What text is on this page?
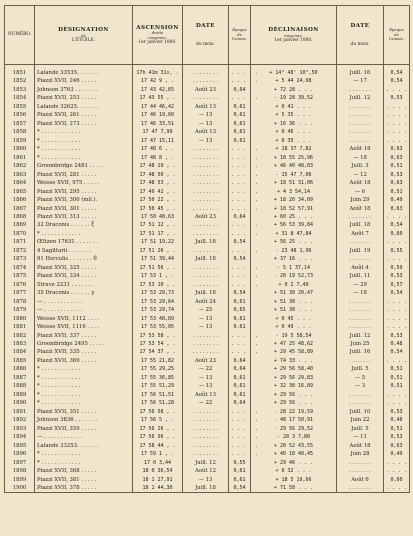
NUMÉRO.	DÉSIGNATION
de
L'ÉTOILE.	ASCENSION
droite
moyenne.
1er janvier 1800.	DATE
du mois.	Époque
de
l'année.	DÉCLINAISON
moyenne.
1er janvier 1800.	DATE
du mois.	Époque
de
l'année.

1851	Lalande 33535. . . . . . .	17h 41m 31s, .	. . . . . . . .	. . . . .	+ 14° 48' 10",50	Juill. 16	0,54
1852	Piazzi XVII, 246 . . . . .	17 42 9 , .	. . . . . . . .	. . . . .	+ 5 44 24,98	— 17	0,54
1853	Johnson 3763 . . . . . . .	17 43 42,65	Août 23	0,64	+ 72 28 . . .	. . . . . . .	. . . .
1854	Piazzi XVII, 253 . . . . .	17 43 55 , .	. . . . . . . .	. . . . .	- 19 28 39,52	Juill. 12	0,53
1855	Lalande 32625. . . . . . .	17 44 46,42	Août 13	0,61	+ 0 41 . . .	. . . . . . .	. . . .
1856	Piazzi XVII, 261 . . . . .	17 46 19,60	— 13	0,61	+ 5 35 . . .	. . . . . . .	. . . .
1857	Piazzi XVII, 273 . . . . .	17 46 33,51	— 13	0,61	+ 16 36 . . .	. . . . . . .	. . . .
1858	* . . . . . . . . . . . .	17 47 7,99	Août 13	0,61	+ 0 46 . . .	. . . . . . .	. . . .
1859	* . . . . . . . . . . . .	17 47 15,11	— 13	0,61	+ 0 35 . . .	. . . . . . .	. . . .
1860	* . . . . . . . . . . . .	17 48 6 , .	. . . . . . . .	. . . . .	+ 18 37 7,82	Août 18	0,63
1861	* . . . . . . . . . . . .	17 48 8 , .	. . . . . . . .	. . . . .	+ 18 55 25,96	— 18	0,63
1862	Groombridge 2481 . . . . .	17 48 19 , .	. . . . . . . .	. . . . .	+ 46 40 48,03	Juill. 3	0,51
1863	Piazzi XVII, 281 . . . . .	17 48 50 , .	. . . . . . . .	. . . . .	- 15 47 7,06	— 12	0,53
1864	Weisse XVII, 975 . . . . .	17 48 53 , .	. . . . . . . .	. . . . .	+ 18 51 31,06	Août 18	0,63
1865	Piazzi XVII, 295 . . . . .	17 49 42 , .	. . . . . . . .	. . . . .	+ 4 3 54,14	— 6	0,51
1866	Piazzi XVII, 300 (mil.).	17 50 22 , .	. . . . . . . .	. . . . .	+ 18 20 34,09	Juin 29	0,49
1867	Piazzi XVII, 301 . . . . .	17 50 45 , .	. . . . . . . .	. . . . .	+ 18 52 57,91	Août 18	0,63
1868	Piazzi XVII, 313 . . . . .	17 50 48,63	Août 23	0,64	+ 60 25 . . .	. . . . . . .	. . . .
1869	32 Draconis . . . . . . ξ	17 51 12 , .	. . . . . . . .	. . . . .	+ 56 53 39,84	Juill. 18	0,54
1870	* . . . . . . . . . . . .	17 51 17 , .	. . . . . . . .	. . . . .	+ 31 8 47,84	Août 7	0,60
1871	Œltzen 17631 . . . . . . .	17 51 19,22	Juill. 18	0,54	+ 56 25 . . .	. . . . . . .	. . . .
1872	4 Sagittarii . . . . . . .	17 51 26 , .	. . . . . . . .	. . . . .	- 23 48 1,96	Juill. 19	0,55
1873	91 Herculis . . . . . . . θ	17 51 39,44	Juill. 18	0,54	+ 37 16 . . .	. . . . . . .	. . . .
1874	Piazzi XVII, 325 . . . . .	17 51 56 , .	. . . . . . . .	. . . . .	- 5 1 37,14	Août 4	0,59
1875	Piazzi XVII, 334 . . . . .	17 53 1 , .	. . . . . . . .	. . . . .	- 20 19 52,73	Juill. 11	0,53
1876	Struve 2231 . . . . . . .	17 53 10 , .	. . . . . . . .	. . . . .	+ 0 2 7,49	— 29	0,57
1877	35 Draconis . . . . . . γ	17 53 29,73	Juill. 18	0,54	+ 51 30 20,47	— 18	0,54
1878	— . . . . . . . . . . . .	17 53 29,64	Août 24	0,61	+ 51 30 . . .	. . . . . . .	. . . .
1879	— . . . . . . . . . . . .	17 53 29,74	— 25	0,65	+ 51 30 . . .	. . . . . . .	. . . .
1880	Weisse XVII, 1112 . . . .	17 53 48,89	— 13	0,61	+ 0 45 . . .	. . . . . . .	. . . .
1881	Weisse XVII, 1116 . . . .	17 53 55,05	— 13	0,61	+ 0 49 . . .	. . . . . . .	. . . .
1882	Piazzi XVII, 337 . . . . .	17 53 58 , .	. . . . . . . .	. . . . .	- 19 5 58,54	Juill. 12	0,53
1883	Groombridge 2495 . . . . .	17 53 54 , .	. . . . . . . .	. . . . .	+ 47 25 48,62	Juin 25	0,48
1884	Piazzi XVII, 335 . . . . .	17 54 37 , .	. . . . . . . .	. . . . .	+ 29 45 58,89	Juill. 16	0,54
1885	Piazzi XVII, 369 . . . . .	17 55 21,82	Août 23	0,64	+ 74 33 . . .	. . . . . . .	. . . .
1886	* . . . . . . . . . . . .	17 55 29,25	— 22	0,64	+ 29 56 58,40	Juill. 5	0,51
1887	* . . . . . . . . . . . .	17 55 36,85	— 13	0,61	+ 29 56 29,83	— 5	0,51
1888	* . . . . . . . . . . . .	17 55 51,29	— 13	0,61	+ 32 38 16,89	— 3	0,51
1889	* . . . . . . . . . . . .	17 56 51,51	Août 13	0,61	+ 29 56 . . .	. . . . . . .	. . . .
1890	* . . . . . . . . . . . .	17 56 51,28	— 22	0,64	+ 29 56 . . .	. . . . . . .	. . . .
1891	Piazzi XVII, 351 . . . . .	17 56 58 , .	. . . . . . . .	. . . . .	- 28 22 19,59	Juill. 10	0,53
1892	Johnson 3836 . . . . . . .	17 56 5 , .	. . . . . . . .	. . . . .	- 48 17 50,91	Juin 22	0,48
1893	Piazzi XVII, 359 . . . . .	17 56 26 , .	. . . . . . . .	. . . . .	- 29 56 29,52	Juill. 5	0,51
1894	— . . . . . . . . . . . .	17 56 56 , .	. . . . . . . .	. . . . .	- 28 3 7,80	— 11	0,53
1895	Lalande 33253. . . . . . .	17 58 44 , .	. . . . . . . .	. . . . .	+ 20 52 43,55	Août 18	0,63
1896	* . . . . . . . . . . . .	17 59 1 , .	. . . . . . . .	. . . . .	+ 40 18 40,45	Juin 28	0,49
1897	* . . . . . . . . . . . .	17 0 3,44	Juill. 12	0,55	+ 29 46 . . .	. . . . . . .	. . . .
1898	Piazzi XVII, 368 . . . . .	18 0 36,54	Août 12	0,61	+ 6 32 . . .	. . . . . . .	. . . .
1899	Piazzi XVII, 381 . . . . .	18 1 27,91	— 13	0,61	+ 18 5 19,66	Août 6	0,60
1900	Piazzi XVII, 378 . . . . .	18 1 44,30	Juill. 18	0,54	+ 71 58 . . .	. . . . . . .	. . . .
